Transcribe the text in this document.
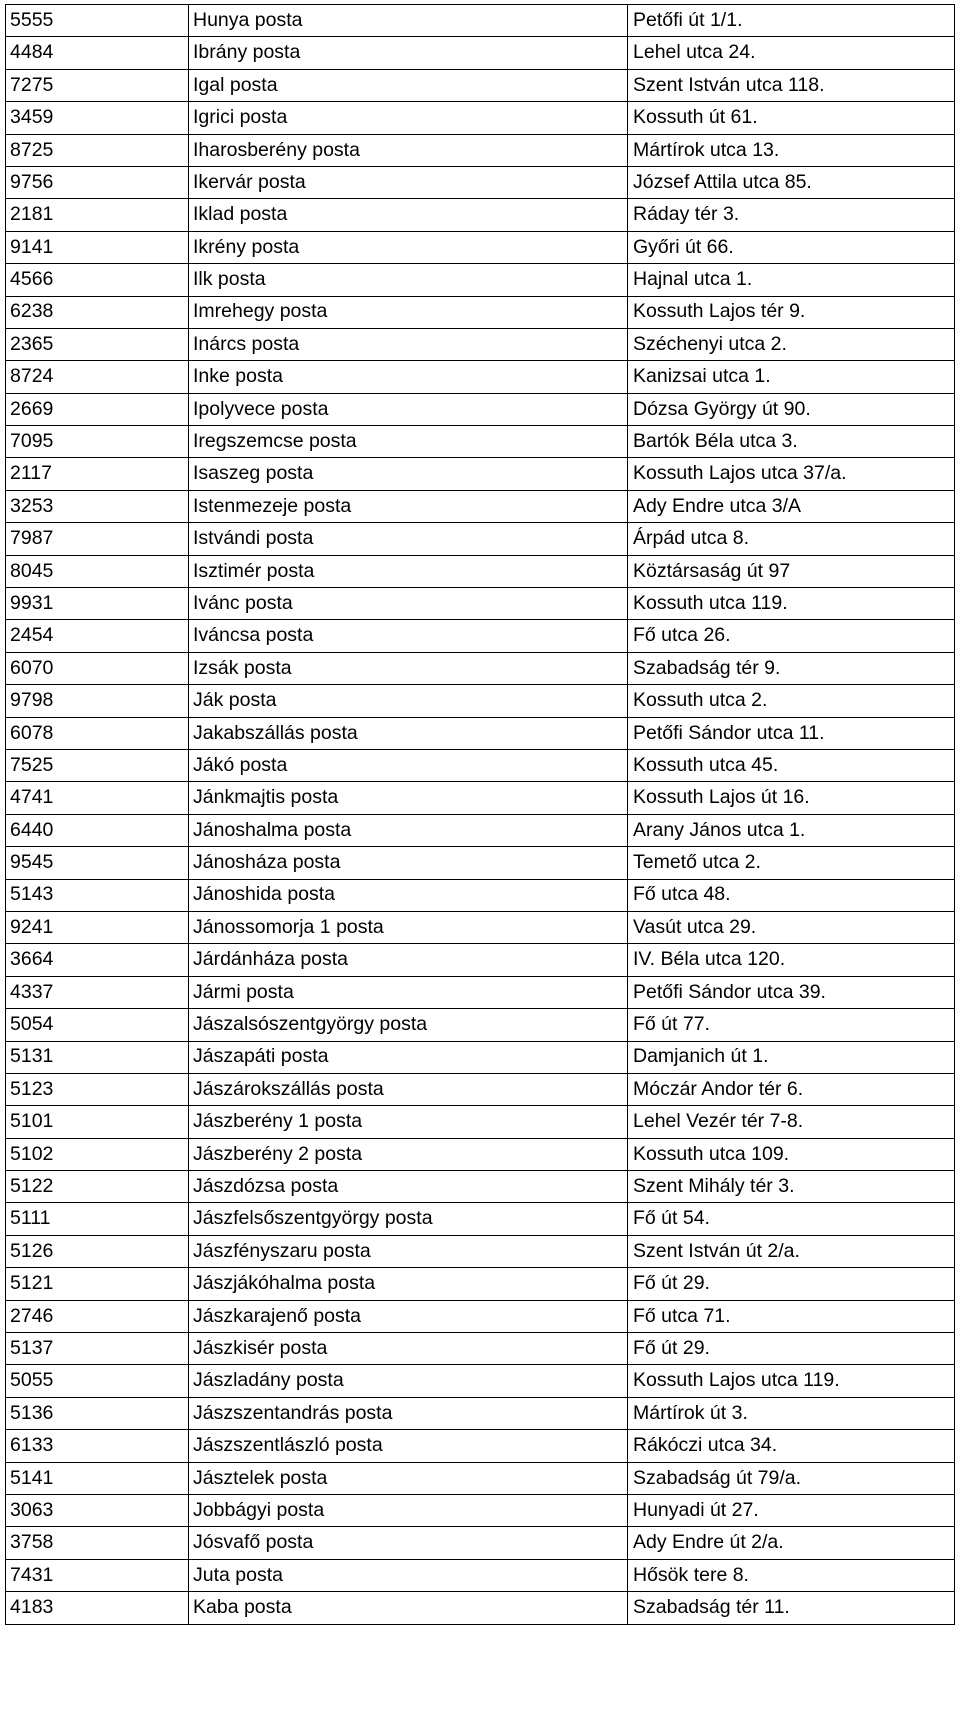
5555	Hunya posta	Petőfi út 1/1.
4484	Ibrány posta	Lehel utca 24.
7275	Igal posta	Szent István utca 118.
3459	Igrici posta	Kossuth út 61.
8725	Iharosberény posta	Mártírok utca 13.
9756	Ikervár posta	József Attila utca 85.
2181	Iklad posta	Ráday tér 3.
9141	Ikrény posta	Győri út 66.
4566	Ilk posta	Hajnal utca 1.
6238	Imrehegy posta	Kossuth Lajos tér 9.
2365	Inárcs posta	Széchenyi utca 2.
8724	Inke posta	Kanizsai utca 1.
2669	Ipolyvece posta	Dózsa György út 90.
7095	Iregszemcse posta	Bartók Béla utca 3.
2117	Isaszeg posta	Kossuth Lajos utca 37/a.
3253	Istenmezeje posta	Ady Endre utca 3/A
7987	Istvándi posta	Árpád utca 8.
8045	Isztimér posta	Köztársaság út 97
9931	Ivánc posta	Kossuth utca 119.
2454	Iváncsa posta	Fő utca 26.
6070	Izsák posta	Szabadság tér 9.
9798	Ják posta	Kossuth utca 2.
6078	Jakabszállás posta	Petőfi Sándor utca 11.
7525	Jákó posta	Kossuth utca 45.
4741	Jánkmajtis posta	Kossuth Lajos út 16.
6440	Jánoshalma posta	Arany János utca 1.
9545	Jánosháza posta	Temető utca 2.
5143	Jánoshida posta	Fő utca 48.
9241	Jánossomorja 1 posta	Vasút utca 29.
3664	Járdánháza posta	IV. Béla utca 120.
4337	Jármi posta	Petőfi Sándor utca 39.
5054	Jászalsószentgyörgy posta	Fő út 77.
5131	Jászapáti posta	Damjanich út 1.
5123	Jászárokszállás posta	Móczár Andor tér 6.
5101	Jászberény 1 posta	Lehel Vezér tér 7-8.
5102	Jászberény 2 posta	Kossuth utca 109.
5122	Jászdózsa posta	Szent Mihály tér 3.
5111	Jászfelsőszentgyörgy posta	Fő út 54.
5126	Jászfényszaru posta	Szent István út 2/a.
5121	Jászjákóhalma posta	Fő út 29.
2746	Jászkarajenő posta	Fő utca 71.
5137	Jászkisér posta	Fő út 29.
5055	Jászladány posta	Kossuth Lajos utca 119.
5136	Jászszentandrás posta	Mártírok út 3.
6133	Jászszentlászló posta	Rákóczi utca 34.
5141	Jásztelek posta	Szabadság út 79/a.
3063	Jobbágyi posta	Hunyadi út 27.
3758	Jósvafő posta	Ady Endre út 2/a.
7431	Juta posta	Hősök tere 8.
4183	Kaba posta	Szabadság tér 11.
